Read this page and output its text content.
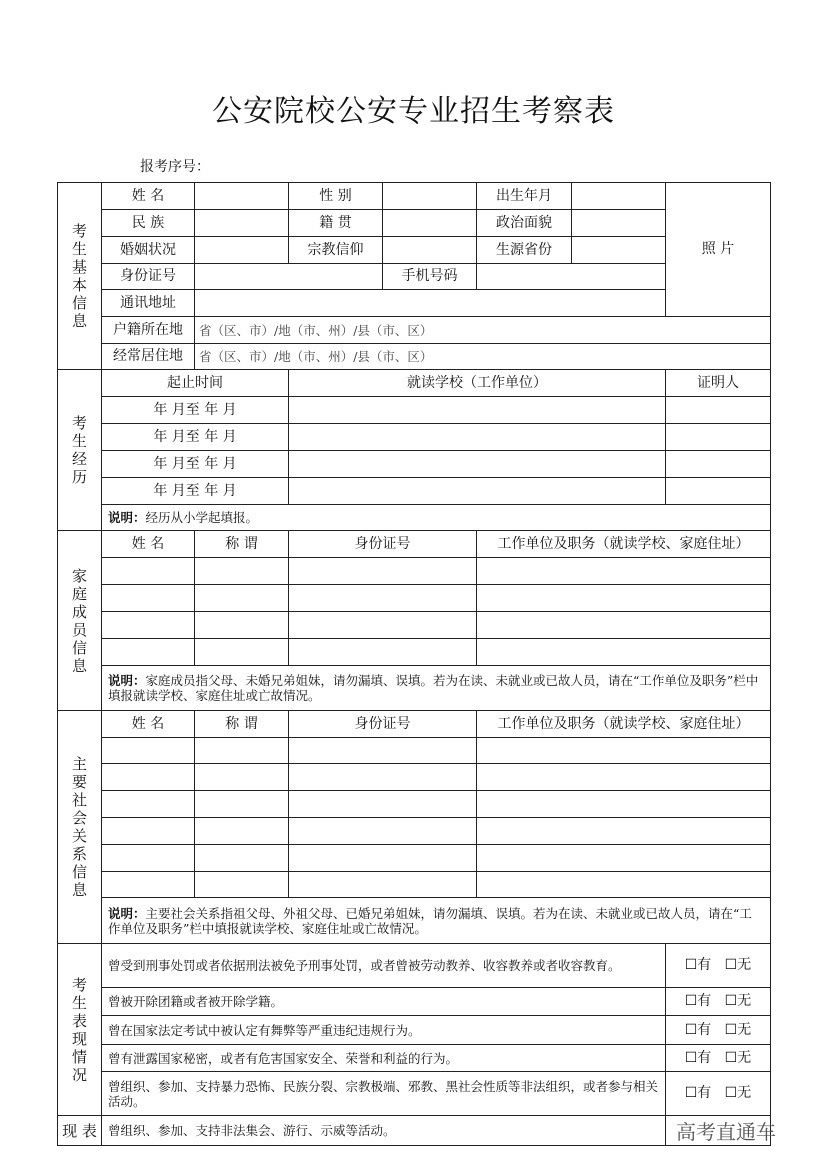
公安院校公安专业招生考察表
报考序号：
考生基本信息	姓 名		性 别		出生年月		照 片
	民 族		籍 贯		政治面貌		
	婚姻状况		宗教信仰		生源省份		
	身份证号			手机号码			
	通讯地址						
	户籍所在地	省（区、市）/地（市、州）/县（市、区）					
	经常居住地	省（区、市）/地（市、州）/县（市、区）					
考生经历	起止时间		就读学校（工作单位）				证明人
	年 月至 年 月						
	年 月至 年 月						
	年 月至 年 月						
	年 月至 年 月						
	说明：经历从小学起填报。						
家庭成员信息	姓 名	称 谓	身份证号		工作单位及职务（就读学校、家庭住址）		

	说明：家庭成员指父母、未婚兄弟姐妹，请勿漏填、误填。若为在读、未就业或已故人员，请在“工作单位及职务”栏中填报就读学校、家庭住址或亡故情况。						
主要社会关系信息	姓 名	称 谓	身份证号		工作单位及职务（就读学校、家庭住址）		

	说明：主要社会关系指祖父母、外祖父母、已婚兄弟姐妹，请勿漏填、误填。若为在读、未就业或已故人员，请在“工作单位及职务”栏中填报就读学校、家庭住址或亡故情况。						
考生表现情况	曾受到刑事处罚或者依据刑法被免予刑事处罚，或者曾被劳动教养、收容教养或者收容教育。						☐有 ☐无
	曾被开除团籍或者被开除学籍。						☐有 ☐无
	曾在国家法定考试中被认定有舞弊等严重违纪违规行为。						☐有 ☐无
	曾有泄露国家秘密，或者有危害国家安全、荣誉和利益的行为。						☐有 ☐无
	曾组织、参加、支持暴力恐怖、民族分裂、宗教极端、邪教、黑社会性质等非法组织，或者参与相关活动。						☐有 ☐无
现 表	曾组织、参加、支持非法集会、游行、示威等活动。							高考直通车
